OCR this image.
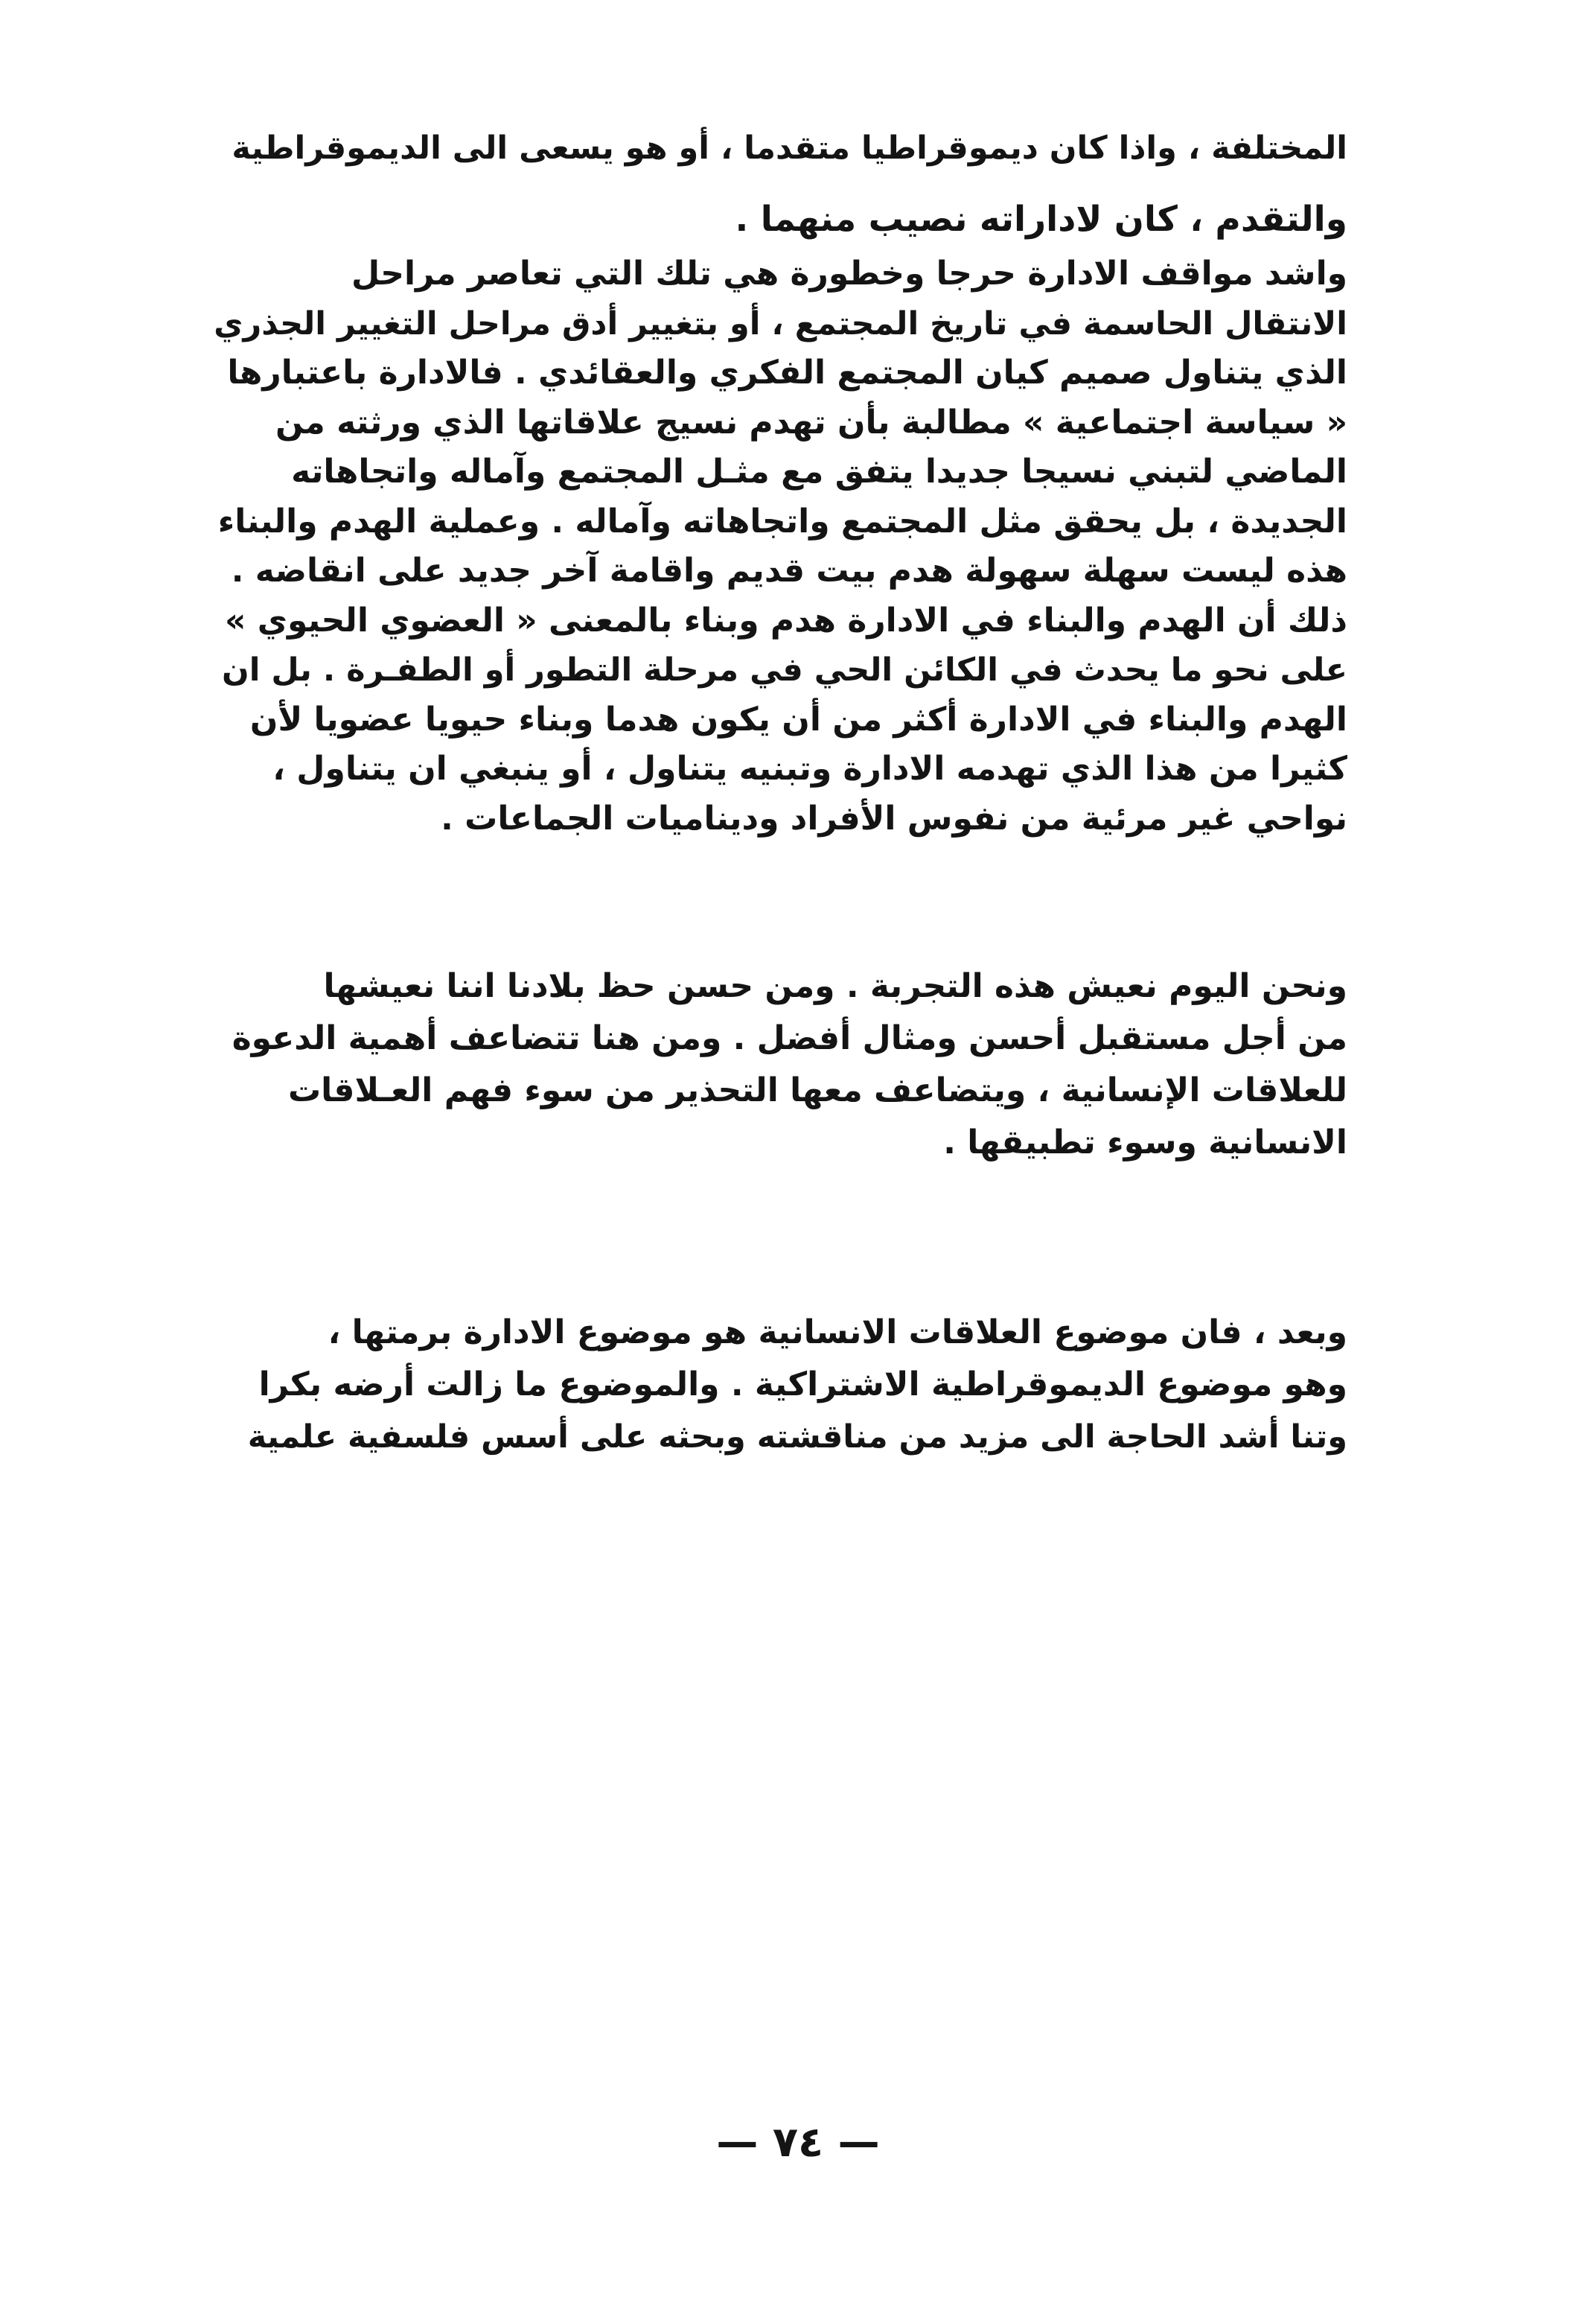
المختلفة ، واذا كان ديموقراطيا متقدما ، أو هو يسعى الى الديموقراطية
والتقدم ، كان لاداراته نصيب منهما .
واشد مواقف الادارة حرجا وخطورة هي تلك التي تعاصر مراحل
الانتقال الحاسمة في تاريخ المجتمع ، أو بتغيير أدق مراحل التغيير الجذري
الذي يتناول صميم كيان المجتمع الفكري والعقائدي . فالادارة باعتبارها
« سياسة اجتماعية » مطالبة بأن تهدم نسيج علاقاتها الذي ورثته من
الماضي لتبني نسيجا جديدا يتفق مع مثـل المجتمع وآماله واتجاهاته
الجديدة ، بل يحقق مثل المجتمع واتجاهاته وآماله . وعملية الهدم والبناء
هذه ليست سهلة سهولة هدم بيت قديم واقامة آخر جديد على انقاضه .
ذلك أن الهدم والبناء في الادارة هدم وبناء بالمعنى « العضوي الحيوي »
على نحو ما يحدث في الكائن الحي في مرحلة التطور أو الطفـرة . بل ان
الهدم والبناء في الادارة أكثر من أن يكون هدما وبناء حيويا عضويا لأن
كثيرا من هذا الذي تهدمه الادارة وتبنيه يتناول ، أو ينبغي ان يتناول ،
نواحي غير مرئية من نفوس الأفراد وديناميات الجماعات .
ونحن اليوم نعيش هذه التجربة . ومن حسن حظ بلادنا اننا نعيشها
من أجل مستقبل أحسن ومثال أفضل . ومن هنا تتضاعف أهمية الدعوة
للعلاقات الإنسانية ، ويتضاعف معها التحذير من سوء فهم العـلاقات
الانسانية وسوء تطبيقها .
وبعد ، فان موضوع العلاقات الانسانية هو موضوع الادارة برمتها ،
وهو موضوع الديموقراطية الاشتراكية . والموضوع ما زالت أرضه بكرا
وتنا أشد الحاجة الى مزيد من مناقشته وبحثه على أسس فلسفية علمية
— ٧٤ —
